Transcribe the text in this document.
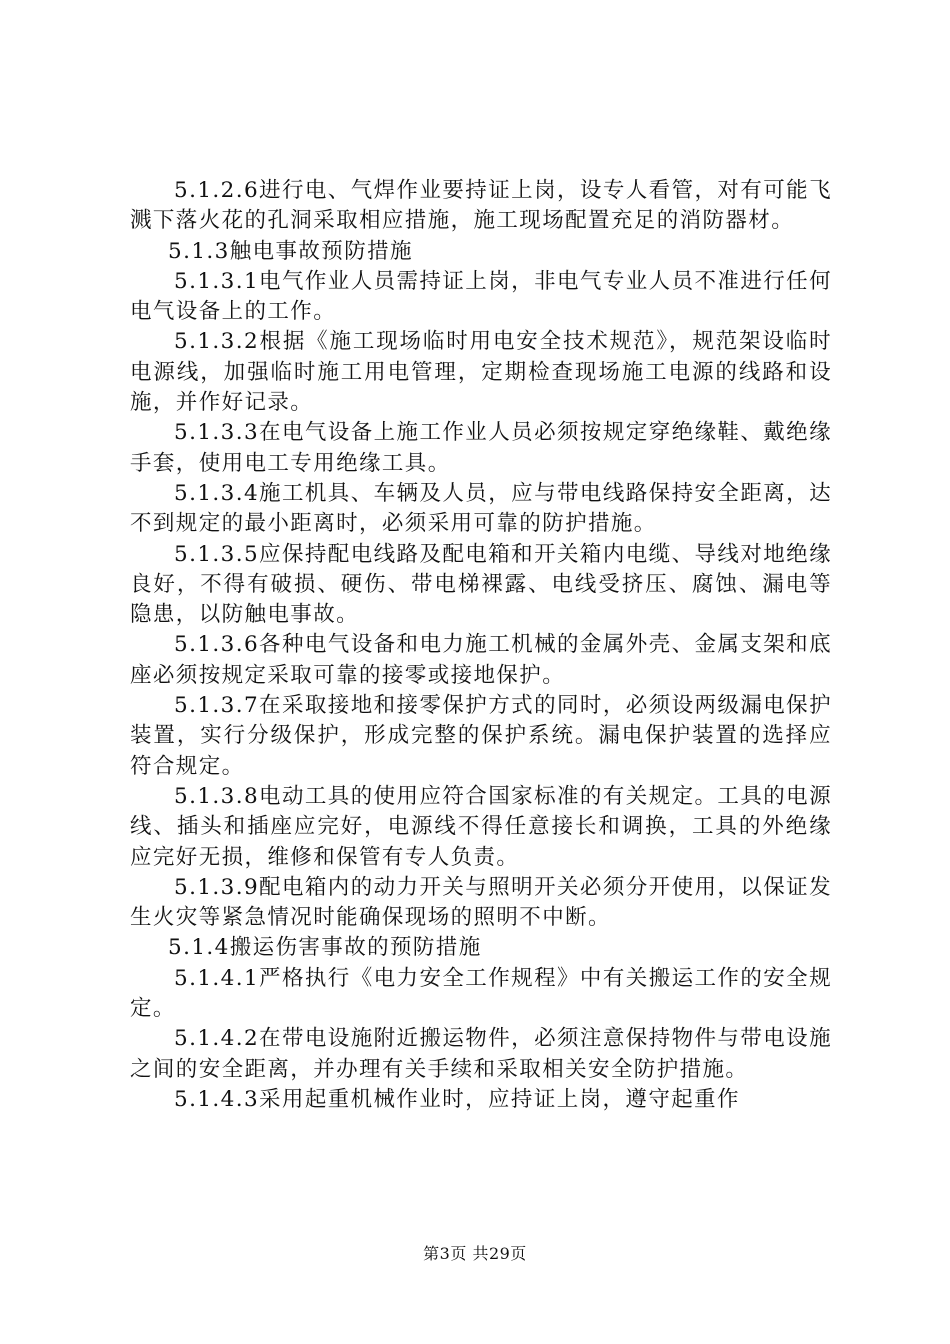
5.1.2.6进行电、气焊作业要持证上岗，设专人看管，对有可能飞溅下落火花的孔洞采取相应措施，施工现场配置充足的消防器材。

5.1.3触电事故预防措施

5.1.3.1电气作业人员需持证上岗，非电气专业人员不准进行任何电气设备上的工作。

5.1.3.2根据《施工现场临时用电安全技术规范》，规范架设临时电源线，加强临时施工用电管理，定期检查现场施工电源的线路和设施，并作好记录。

5.1.3.3在电气设备上施工作业人员必须按规定穿绝缘鞋、戴绝缘手套，使用电工专用绝缘工具。

5.1.3.4施工机具、车辆及人员，应与带电线路保持安全距离，达不到规定的最小距离时，必须采用可靠的防护措施。

5.1.3.5应保持配电线路及配电箱和开关箱内电缆、导线对地绝缘良好，不得有破损、硬伤、带电梯裸露、电线受挤压、腐蚀、漏电等隐患，以防触电事故。

5.1.3.6各种电气设备和电力施工机械的金属外壳、金属支架和底座必须按规定采取可靠的接零或接地保护。

5.1.3.7在采取接地和接零保护方式的同时，必须设两级漏电保护装置，实行分级保护，形成完整的保护系统。漏电保护装置的选择应符合规定。

5.1.3.8电动工具的使用应符合国家标准的有关规定。工具的电源线、插头和插座应完好，电源线不得任意接长和调换，工具的外绝缘应完好无损，维修和保管有专人负责。

5.1.3.9配电箱内的动力开关与照明开关必须分开使用，以保证发生火灾等紧急情况时能确保现场的照明不中断。

5.1.4搬运伤害事故的预防措施

5.1.4.1严格执行《电力安全工作规程》中有关搬运工作的安全规定。

5.1.4.2在带电设施附近搬运物件，必须注意保持物件与带电设施之间的安全距离，并办理有关手续和采取相关安全防护措施。

5.1.4.3采用起重机械作业时，应持证上岗，遵守起重作

第3页 共29页
